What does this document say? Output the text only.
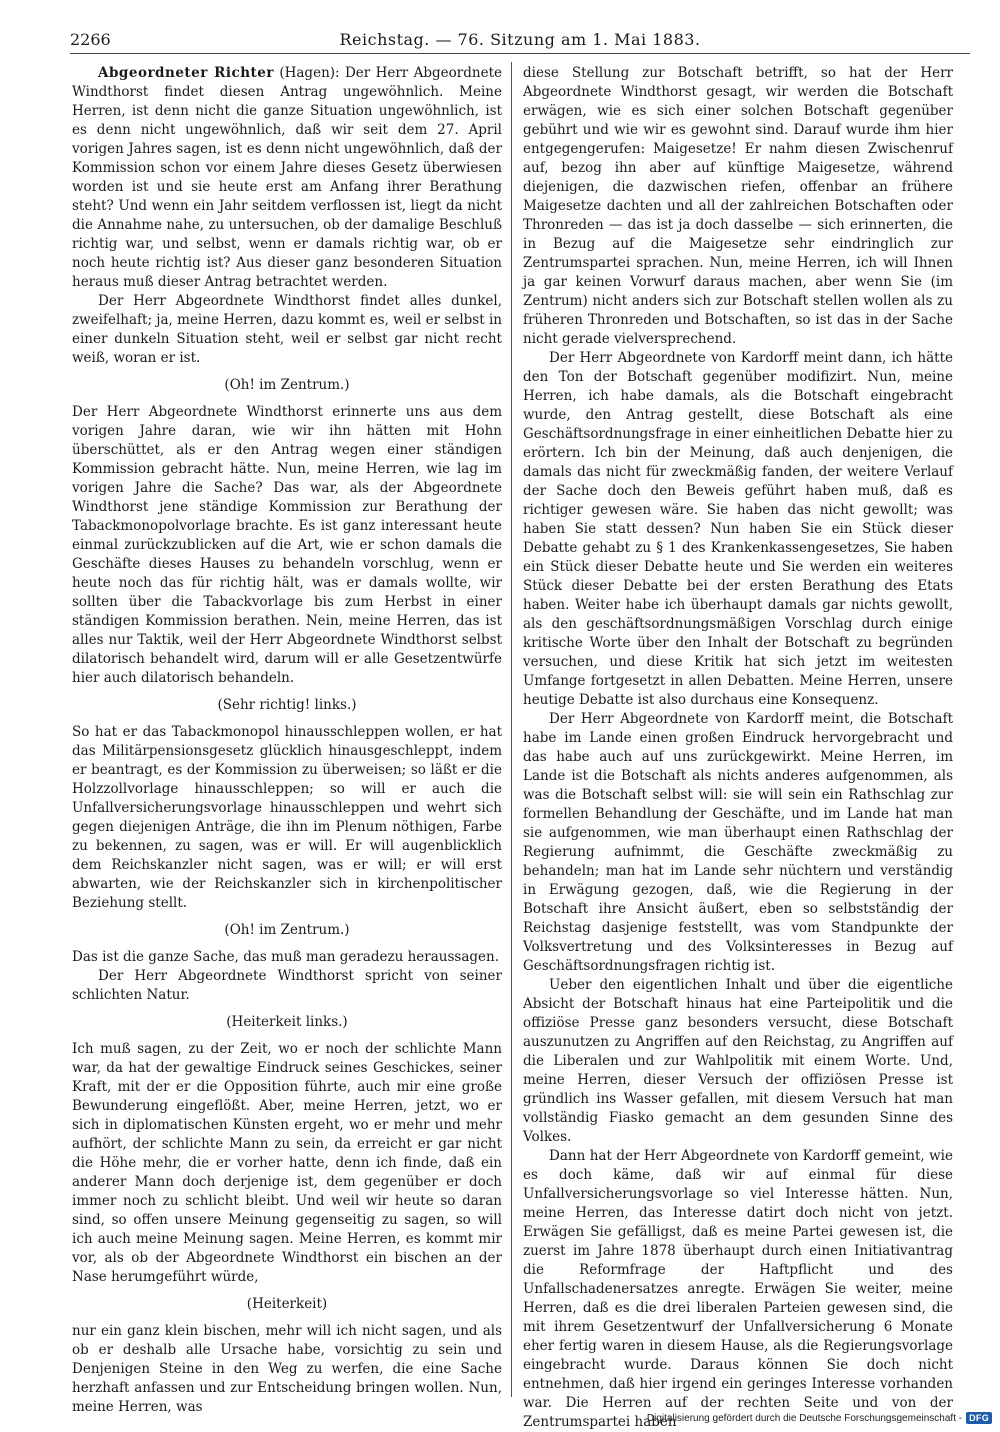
2266	Reichstag. — 76. Sitzung am 1. Mai 1883.

Abgeordneter Richter (Hagen): Der Herr Abgeordnete Windthorst findet diesen Antrag ungewöhnlich. Meine Herren, ist denn nicht die ganze Situation ungewöhnlich, ist es denn nicht ungewöhnlich, daß wir seit dem 27. April vorigen Jahres sagen, ist es denn nicht ungewöhnlich, daß der Kommission schon vor einem Jahre dieses Gesetz überwiesen worden ist und sie heute erst am Anfang ihrer Berathung steht? Und wenn ein Jahr seitdem verflossen ist, liegt da nicht die Annahme nahe, zu untersuchen, ob der damalige Beschluß richtig war, und selbst, wenn er damals richtig war, ob er noch heute richtig ist? Aus dieser ganz besonderen Situation heraus muß dieser Antrag betrachtet werden.

Der Herr Abgeordnete Windthorst findet alles dunkel, zweifelhaft; ja, meine Herren, dazu kommt es, weil er selbst in einer dunkeln Situation steht, weil er selbst gar nicht recht weiß, woran er ist.

(Oh! im Zentrum.)

Der Herr Abgeordnete Windthorst erinnerte uns aus dem vorigen Jahre daran, wie wir ihn hätten mit Hohn überschüttet, als er den Antrag wegen einer ständigen Kommission gebracht hätte. Nun, meine Herren, wie lag im vorigen Jahre die Sache? Das war, als der Abgeordnete Windthorst jene ständige Kommission zur Berathung der Tabackmonopolvorlage brachte. Es ist ganz interessant heute einmal zurückzublicken auf die Art, wie er schon damals die Geschäfte dieses Hauses zu behandeln vorschlug, wenn er heute noch das für richtig hält, was er damals wollte, wir sollten über die Tabackvorlage bis zum Herbst in einer ständigen Kommission berathen. Nein, meine Herren, das ist alles nur Taktik, weil der Herr Abgeordnete Windthorst selbst dilatorisch behandelt wird, darum will er alle Gesetzentwürfe hier auch dilatorisch behandeln.

(Sehr richtig! links.)

So hat er das Tabackmonopol hinausschleppen wollen, er hat das Militärpensionsgesetz glücklich hinausgeschleppt, indem er beantragt, es der Kommission zu überweisen; so läßt er die Holzzollvorlage hinausschleppen; so will er auch die Unfallversicherungsvorlage hinausschleppen und wehrt sich gegen diejenigen Anträge, die ihn im Plenum nöthigen, Farbe zu bekennen, zu sagen, was er will. Er will augenblicklich dem Reichskanzler nicht sagen, was er will; er will erst abwarten, wie der Reichskanzler sich in kirchenpolitischer Beziehung stellt.

(Oh! im Zentrum.)

Das ist die ganze Sache, das muß man geradezu heraussagen.

Der Herr Abgeordnete Windthorst spricht von seiner schlichten Natur.

(Heiterkeit links.)

Ich muß sagen, zu der Zeit, wo er noch der schlichte Mann war, da hat der gewaltige Eindruck seines Geschickes, seiner Kraft, mit der er die Opposition führte, auch mir eine große Bewunderung eingeflößt. Aber, meine Herren, jetzt, wo er sich in diplomatischen Künsten ergeht, wo er mehr und mehr aufhört, der schlichte Mann zu sein, da erreicht er gar nicht die Höhe mehr, die er vorher hatte, denn ich finde, daß ein anderer Mann doch derjenige ist, dem gegenüber er doch immer noch zu schlicht bleibt. Und weil wir heute so daran sind, so offen unsere Meinung gegenseitig zu sagen, so will ich auch meine Meinung sagen. Meine Herren, es kommt mir vor, als ob der Abgeordnete Windthorst ein bischen an der Nase herumgeführt würde,

(Heiterkeit)

nur ein ganz klein bischen, mehr will ich nicht sagen, und als ob er deshalb alle Ursache habe, vorsichtig zu sein und Denjenigen Steine in den Weg zu werfen, die eine Sache herzhaft anfassen und zur Entscheidung bringen wollen. Nun, meine Herren, was

diese Stellung zur Botschaft betrifft, so hat der Herr Abgeordnete Windthorst gesagt, wir werden die Botschaft erwägen, wie es sich einer solchen Botschaft gegenüber gebührt und wie wir es gewohnt sind. Darauf wurde ihm hier entgegengerufen: Maigesetze! Er nahm diesen Zwischenruf auf, bezog ihn aber auf künftige Maigesetze, während diejenigen, die dazwischen riefen, offenbar an frühere Maigesetze dachten und all der zahlreichen Botschaften oder Thronreden — das ist ja doch dasselbe — sich erinnerten, die in Bezug auf die Maigesetze sehr eindringlich zur Zentrumspartei sprachen. Nun, meine Herren, ich will Ihnen ja gar keinen Vorwurf daraus machen, aber wenn Sie (im Zentrum) nicht anders sich zur Botschaft stellen wollen als zu früheren Thronreden und Botschaften, so ist das in der Sache nicht gerade vielversprechend.

Der Herr Abgeordnete von Kardorff meint dann, ich hätte den Ton der Botschaft gegenüber modifizirt. Nun, meine Herren, ich habe damals, als die Botschaft eingebracht wurde, den Antrag gestellt, diese Botschaft als eine Geschäftsordnungsfrage in einer einheitlichen Debatte hier zu erörtern. Ich bin der Meinung, daß auch denjenigen, die damals das nicht für zweckmäßig fanden, der weitere Verlauf der Sache doch den Beweis geführt haben muß, daß es richtiger gewesen wäre. Sie haben das nicht gewollt; was haben Sie statt dessen? Nun haben Sie ein Stück dieser Debatte gehabt zu § 1 des Krankenkassengesetzes, Sie haben ein Stück dieser Debatte heute und Sie werden ein weiteres Stück dieser Debatte bei der ersten Berathung des Etats haben. Weiter habe ich überhaupt damals gar nichts gewollt, als den geschäftsordnungsmäßigen Vorschlag durch einige kritische Worte über den Inhalt der Botschaft zu begründen versuchen, und diese Kritik hat sich jetzt im weitesten Umfange fortgesetzt in allen Debatten. Meine Herren, unsere heutige Debatte ist also durchaus eine Konsequenz.

Der Herr Abgeordnete von Kardorff meint, die Botschaft habe im Lande einen großen Eindruck hervorgebracht und das habe auch auf uns zurückgewirkt. Meine Herren, im Lande ist die Botschaft als nichts anderes aufgenommen, als was die Botschaft selbst will: sie will sein ein Rathschlag zur formellen Behandlung der Geschäfte, und im Lande hat man sie aufgenommen, wie man überhaupt einen Rathschlag der Regierung aufnimmt, die Geschäfte zweckmäßig zu behandeln; man hat im Lande sehr nüchtern und verständig in Erwägung gezogen, daß, wie die Regierung in der Botschaft ihre Ansicht äußert, eben so selbstständig der Reichstag dasjenige feststellt, was vom Standpunkte der Volksvertretung und des Volksinteresses in Bezug auf Geschäftsordnungsfragen richtig ist.

Ueber den eigentlichen Inhalt und über die eigentliche Absicht der Botschaft hinaus hat eine Parteipolitik und die offiziöse Presse ganz besonders versucht, diese Botschaft auszunutzen zu Angriffen auf den Reichstag, zu Angriffen auf die Liberalen und zur Wahlpolitik mit einem Worte. Und, meine Herren, dieser Versuch der offiziösen Presse ist gründlich ins Wasser gefallen, mit diesem Versuch hat man vollständig Fiasko gemacht an dem gesunden Sinne des Volkes.

Dann hat der Herr Abgeordnete von Kardorff gemeint, wie es doch käme, daß wir auf einmal für diese Unfallversicherungsvorlage so viel Interesse hätten. Nun, meine Herren, das Interesse datirt doch nicht von jetzt. Erwägen Sie gefälligst, daß es meine Partei gewesen ist, die zuerst im Jahre 1878 überhaupt durch einen Initiativantrag die Reformfrage der Haftpflicht und des Unfallschadenersatzes anregte. Erwägen Sie weiter, meine Herren, daß es die drei liberalen Parteien gewesen sind, die mit ihrem Gesetzentwurf der Unfallversicherung 6 Monate eher fertig waren in diesem Hause, als die Regierungsvorlage eingebracht wurde. Daraus können Sie doch nicht entnehmen, daß hier irgend ein geringes Interesse vorhanden war. Die Herren auf der rechten Seite und von der Zentrumspartei haben

Digitalisierung gefördert durch die Deutsche Forschungsgemeinschaft - DFG
